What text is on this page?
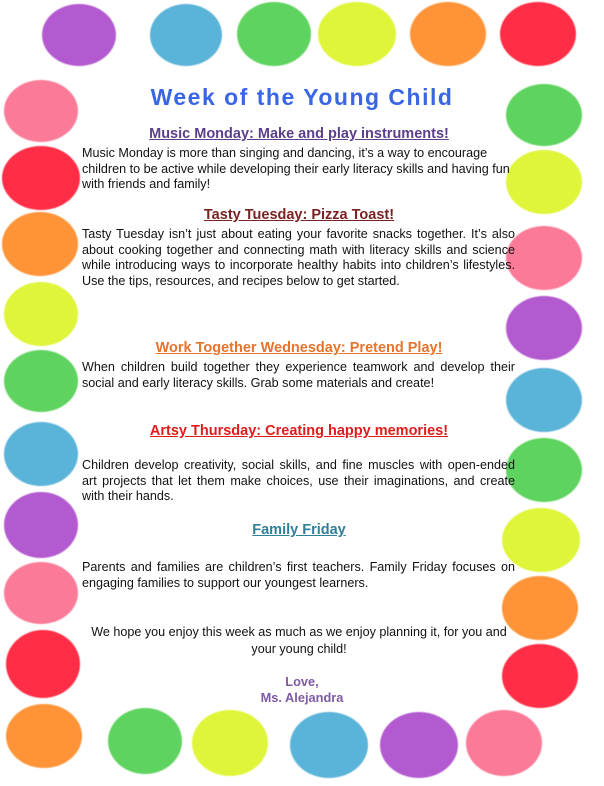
Week of the Young Child
Music Monday: Make and play instruments!

Music Monday is more than singing and dancing, it’s a way to encourage children to be active while developing their early literacy skills and having fun with friends and family!

Tasty Tuesday: Pizza Toast!

Tasty Tuesday isn’t just about eating your favorite snacks together. It’s also about cooking together and connecting math with literacy skills and science while introducing ways to incorporate healthy habits into children’s lifestyles. Use the tips, resources, and recipes below to get started.

Work Together Wednesday: Pretend Play!

When children build together they experience teamwork and develop their social and early literacy skills. Grab some materials and create!

Artsy Thursday: Creating happy memories!

Children develop creativity, social skills, and fine muscles with open-ended art projects that let them make choices, use their imaginations, and create with their hands.

Family Friday

Parents and families are children’s first teachers. Family Friday focuses on engaging families to support our youngest learners.

We hope you enjoy this week as much as we enjoy planning it, for you and your young child!

Love,

Ms. Alejandra
